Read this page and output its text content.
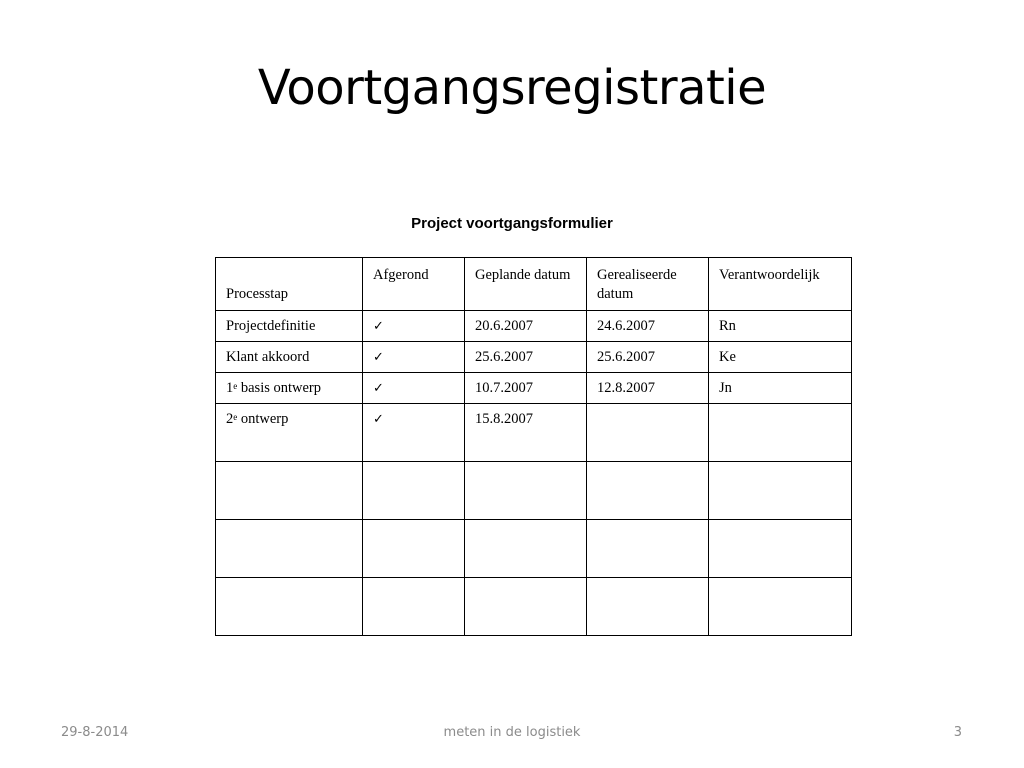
Voortgangsregistratie
Project voortgangsformulier
Processtap	Afgerond	Geplande datum	Gerealiseerde datum	Verantwoordelijk
Projectdefinitie	✓	20.6.2007	24.6.2007	Rn
Klant akkoord	✓	25.6.2007	25.6.2007	Ke
1e basis ontwerp	✓	10.7.2007	12.8.2007	Jn
2e ontwerp	✓	15.8.2007		

29-8-2014	meten in de logistiek	3
